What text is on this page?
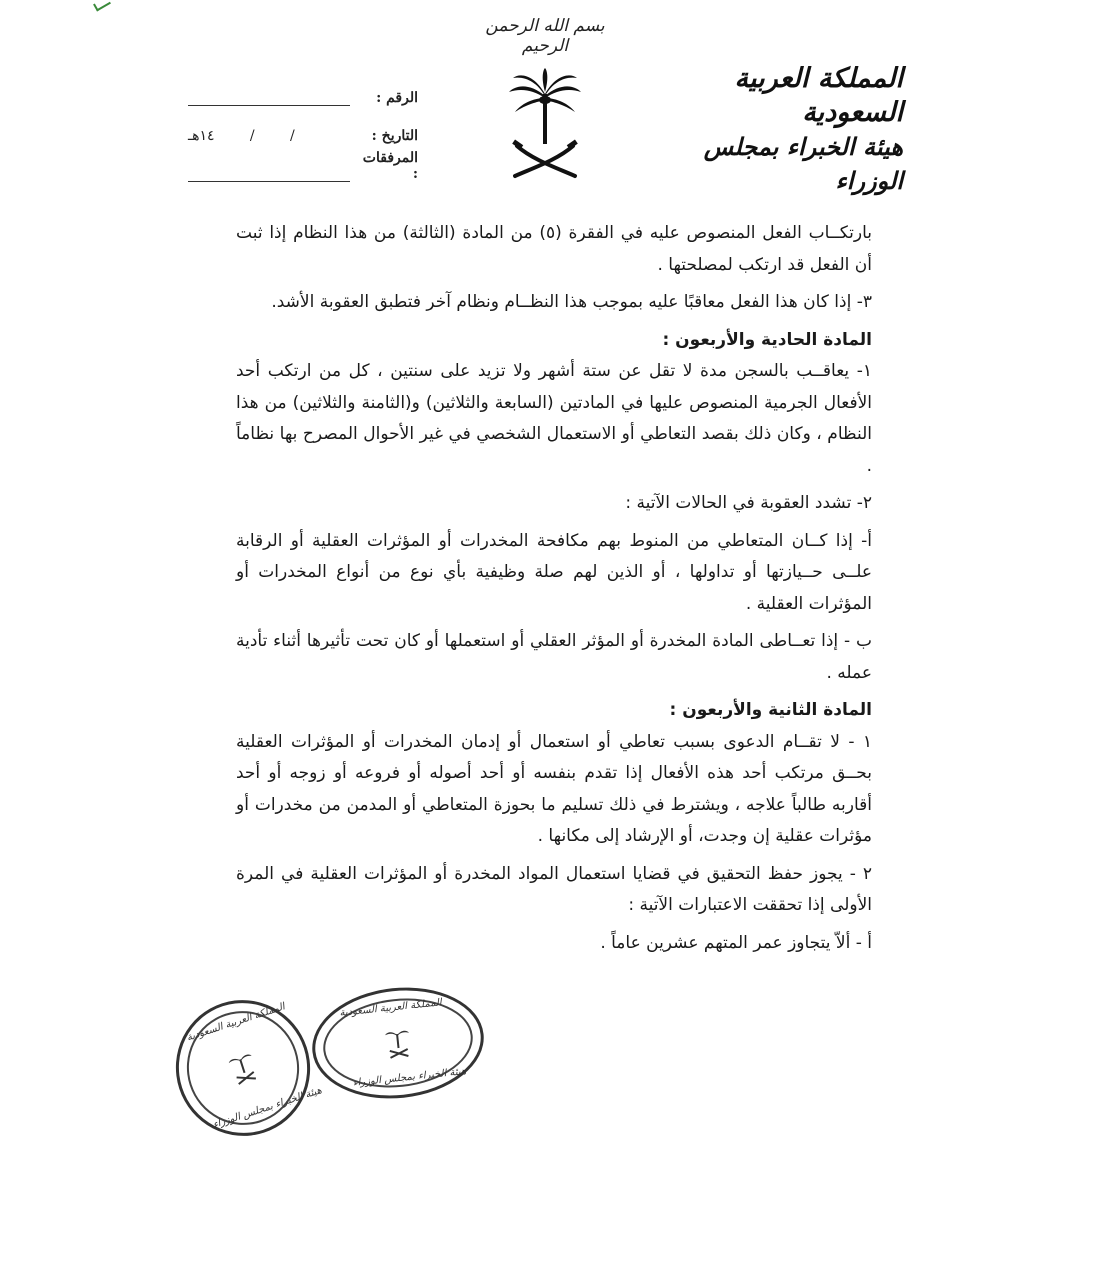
بسم الله الرحمن الرحيم
المملكة العربية السعودية
هيئة الخبراء بمجلس الوزراء
الرقم :
التاريخ :
/
/
١٤هـ
المرفقات :

بارتكــاب الفعل المنصوص عليه في الفقرة (٥) من المادة (الثالثة) من هذا النظام إذا ثبت أن الفعل قد ارتكب لمصلحتها .

٣- إذا كان هذا الفعل معاقبًا عليه بموجب هذا النظــام ونظام آخر فتطبق العقوبة الأشد.

المادة الحادية والأربعون :

١- يعاقــب بالسجن مدة لا تقل عن ستة أشهر ولا تزيد على سنتين ، كل من ارتكب أحد الأفعال الجرمية المنصوص عليها في المادتين (السابعة والثلاثين) و(الثامنة والثلاثين) من هذا النظام ، وكان ذلك بقصد التعاطي أو الاستعمال الشخصي في غير الأحوال المصرح بها نظاماً .

٢- تشدد العقوبة في الحالات الآتية :

أ- إذا كــان المتعاطي من المنوط بهم مكافحة المخدرات أو المؤثرات العقلية أو الرقابة علــى حــيازتها أو تداولها ، أو الذين لهم صلة وظيفية بأي نوع من أنواع المخدرات أو المؤثرات العقلية .

ب - إذا تعــاطى المادة المخدرة أو المؤثر العقلي أو استعملها أو كان تحت تأثيرها أثناء تأدية عمله .

المادة الثانية والأربعون :

١ - لا تقــام الدعوى بسبب تعاطي أو استعمال أو إدمان المخدرات أو المؤثرات العقلية بحــق مرتكب أحد هذه الأفعال إذا تقدم بنفسه أو أحد أصوله أو فروعه أو زوجه أو أحد أقاربه طالباً علاجه ، ويشترط في ذلك تسليم ما بحوزة المتعاطي أو المدمن من مخدرات أو مؤثرات عقلية إن وجدت، أو الإرشاد إلى مكانها .

٢ - يجوز حفظ التحقيق في قضايا استعمال المواد المخدرة أو المؤثرات العقلية في المرة الأولى إذا تحققت الاعتبارات الآتية :

أ - ألاّ يتجاوز عمر المتهم عشرين عاماً .

المملكة العربية السعودية
هيئة الخبراء بمجلس الوزراء
المملكة العربية السعودية
هيئة الخبراء بمجلس الوزراء
